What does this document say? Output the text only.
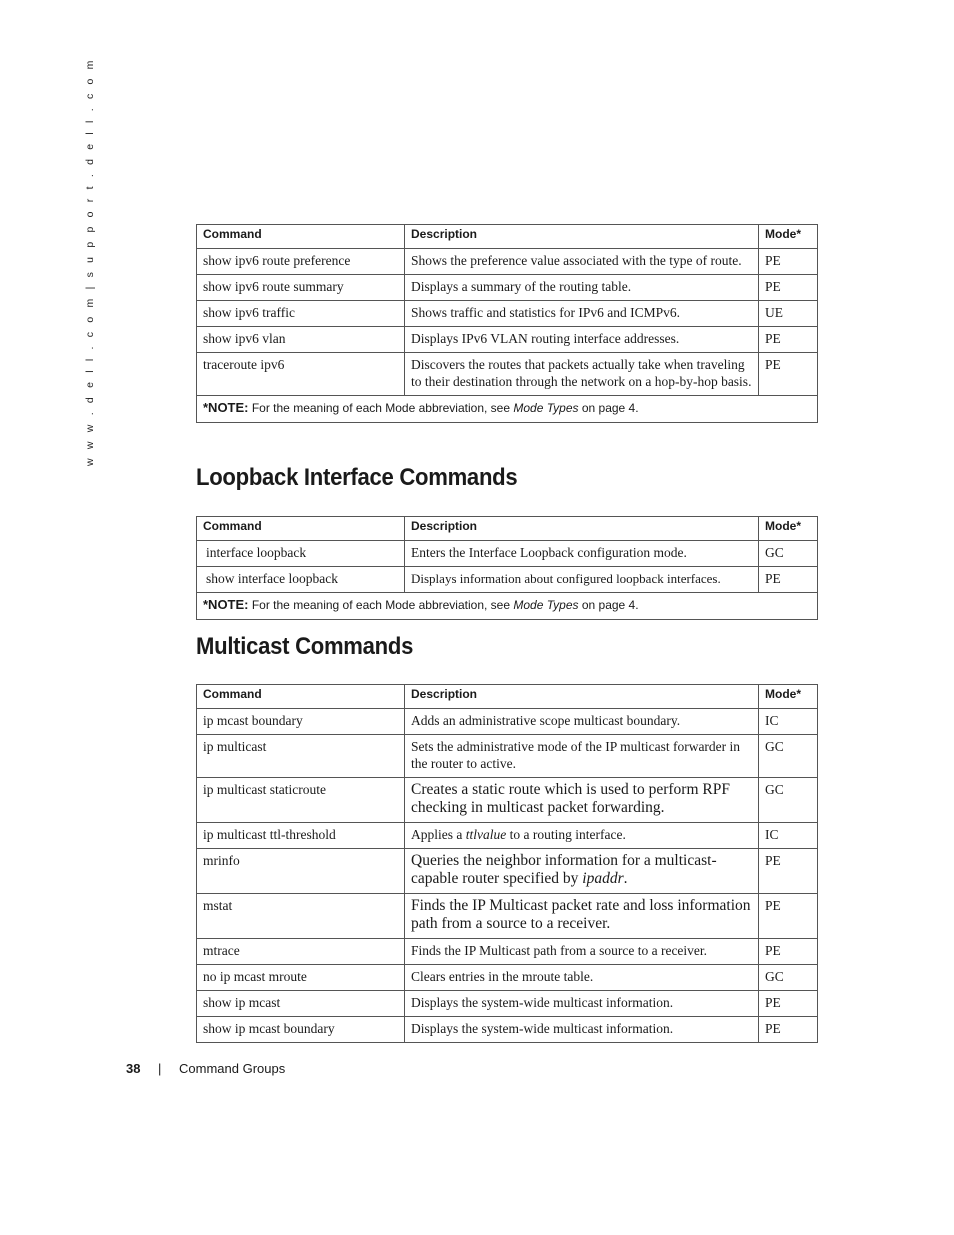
w w w . d e l l . c o m | s u p p o r t . d e l l . c o m	Command	Description	Mode*
show ipv6 route preference	Shows the preference value associated with the type of route.	PE
show ipv6 route summary	Displays a summary of the routing table.	PE
show ipv6 traffic	Shows traffic and statistics for IPv6 and ICMPv6.	UE
show ipv6 vlan	Displays IPv6 VLAN routing interface addresses.	PE
traceroute ipv6	Discovers the routes that packets actually take when traveling to their destination through the network on a hop-by-hop basis.	PE
*NOTE: For the meaning of each Mode abbreviation, see Mode Types on page 4.		
Loopback Interface Commands
Command	Description	Mode*
interface loopback	Enters the Interface Loopback configuration mode.	GC
show interface loopback	Displays information about configured loopback interfaces.	PE
*NOTE: For the meaning of each Mode abbreviation, see Mode Types on page 4.		
Multicast Commands
Command	Description	Mode*
ip mcast boundary	Adds an administrative scope multicast boundary.	IC
ip multicast	Sets the administrative mode of the IP multicast forwarder in the router to active.	GC
ip multicast staticroute	Creates a static route which is used to perform RPF checking in multicast packet forwarding.	GC
ip multicast ttl-threshold	Applies a ttlvalue to a routing interface.	IC
mrinfo	Queries the neighbor information for a multicast-capable router specified by ipaddr.	PE
mstat	Finds the IP Multicast packet rate and loss information path from a source to a receiver.	PE
mtrace	Finds the IP Multicast path from a source to a receiver.	PE
no ip mcast mroute	Clears entries in the mroute table.	GC
show ip mcast	Displays the system-wide multicast information.	PE
show ip mcast boundary	Displays the system-wide multicast information.	PE
38 | Command Groups
